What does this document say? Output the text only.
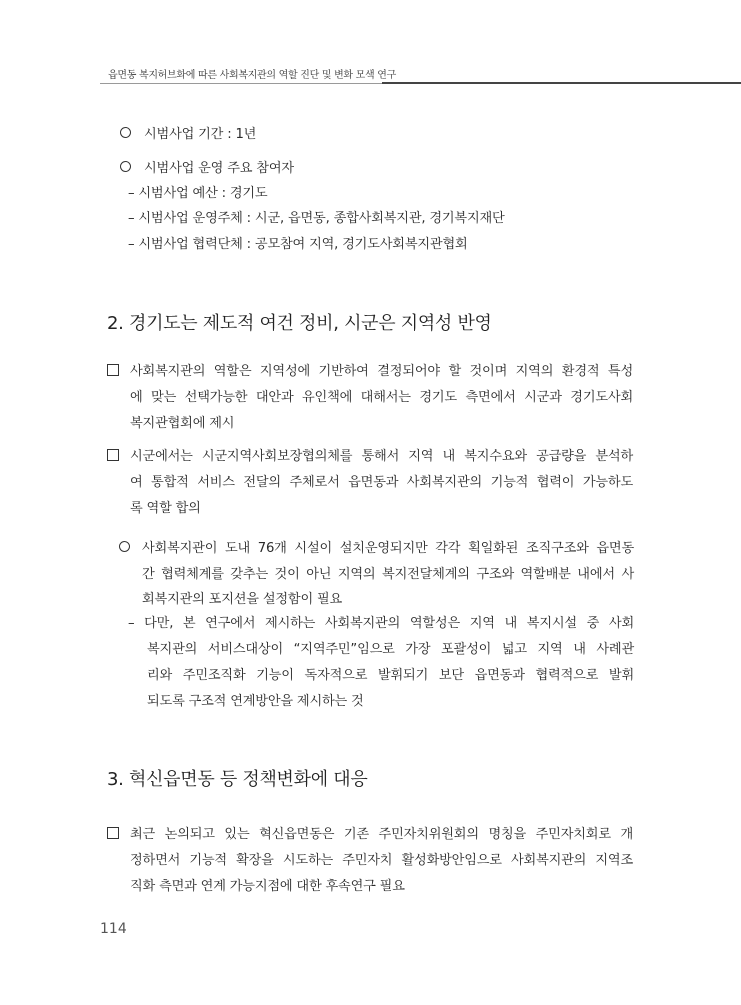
읍면동 복지허브화에 따른 사회복지관의 역할 진단 및 변화 모색 연구
시범사업 기간 : 1년
시범사업 운영 주요 참여자
– 시범사업 예산 : 경기도
– 시범사업 운영주체 : 시군, 읍면동, 종합사회복지관, 경기복지재단
– 시범사업 협력단체 : 공모참여 지역, 경기도사회복지관협회
2. 경기도는 제도적 여건 정비, 시군은 지역성 반영
사회복지관의 역할은 지역성에 기반하여 결정되어야 할 것이며 지역의 환경적 특성
에 맞는 선택가능한 대안과 유인책에 대해서는 경기도 측면에서 시군과 경기도사회
복지관협회에 제시
시군에서는 시군지역사회보장협의체를 통해서 지역 내 복지수요와 공급량을 분석하
여 통합적 서비스 전달의 주체로서 읍면동과 사회복지관의 기능적 협력이 가능하도
록 역할 합의
사회복지관이 도내 76개 시설이 설치운영되지만 각각 획일화된 조직구조와 읍면동
간 협력체계를 갖추는 것이 아닌 지역의 복지전달체계의 구조와 역할배분 내에서 사
회복지관의 포지션을 설정함이 필요
– 다만, 본 연구에서 제시하는 사회복지관의 역할성은 지역 내 복지시설 중 사회
복지관의 서비스대상이 “지역주민”임으로 가장 포괄성이 넓고 지역 내 사례관
리와 주민조직화 기능이 독자적으로 발휘되기 보단 읍면동과 협력적으로 발휘
되도록 구조적 연계방안을 제시하는 것
3. 혁신읍면동 등 정책변화에 대응
최근 논의되고 있는 혁신읍면동은 기존 주민자치위원회의 명칭을 주민자치회로 개
정하면서 기능적 확장을 시도하는 주민자치 활성화방안임으로 사회복지관의 지역조
직화 측면과 연계 가능지점에 대한 후속연구 필요
114
